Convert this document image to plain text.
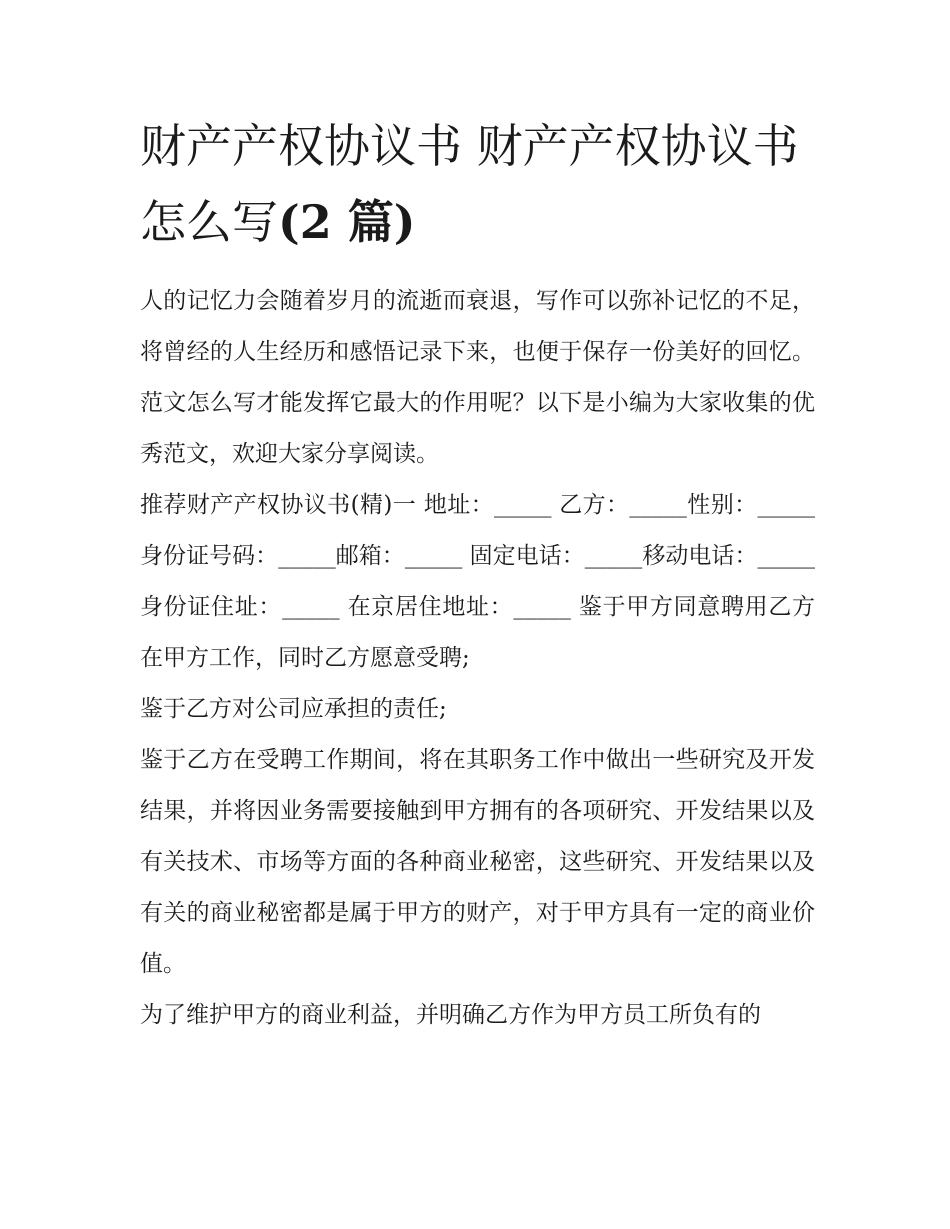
财产产权协议书 财产产权协议书怎么写(2 篇)

人的记忆力会随着岁月的流逝而衰退，写作可以弥补记忆的不足，将曾经的人生经历和感悟记录下来，也便于保存一份美好的回忆。范文怎么写才能发挥它最大的作用呢？以下是小编为大家收集的优秀范文，欢迎大家分享阅读。

推荐财产产权协议书(精)一 地址：_____ 乙方：_____性别：_____ 身份证号码：_____邮箱：_____ 固定电话：_____移动电话：_____ 身份证住址：_____ 在京居住地址：_____ 鉴于甲方同意聘用乙方在甲方工作，同时乙方愿意受聘;

鉴于乙方对公司应承担的责任;

鉴于乙方在受聘工作期间，将在其职务工作中做出一些研究及开发结果，并将因业务需要接触到甲方拥有的各项研究、开发结果以及有关技术、市场等方面的各种商业秘密，这些研究、开发结果以及有关的商业秘密都是属于甲方的财产，对于甲方具有一定的商业价值。

为了维护甲方的商业利益，并明确乙方作为甲方员工所负有的
